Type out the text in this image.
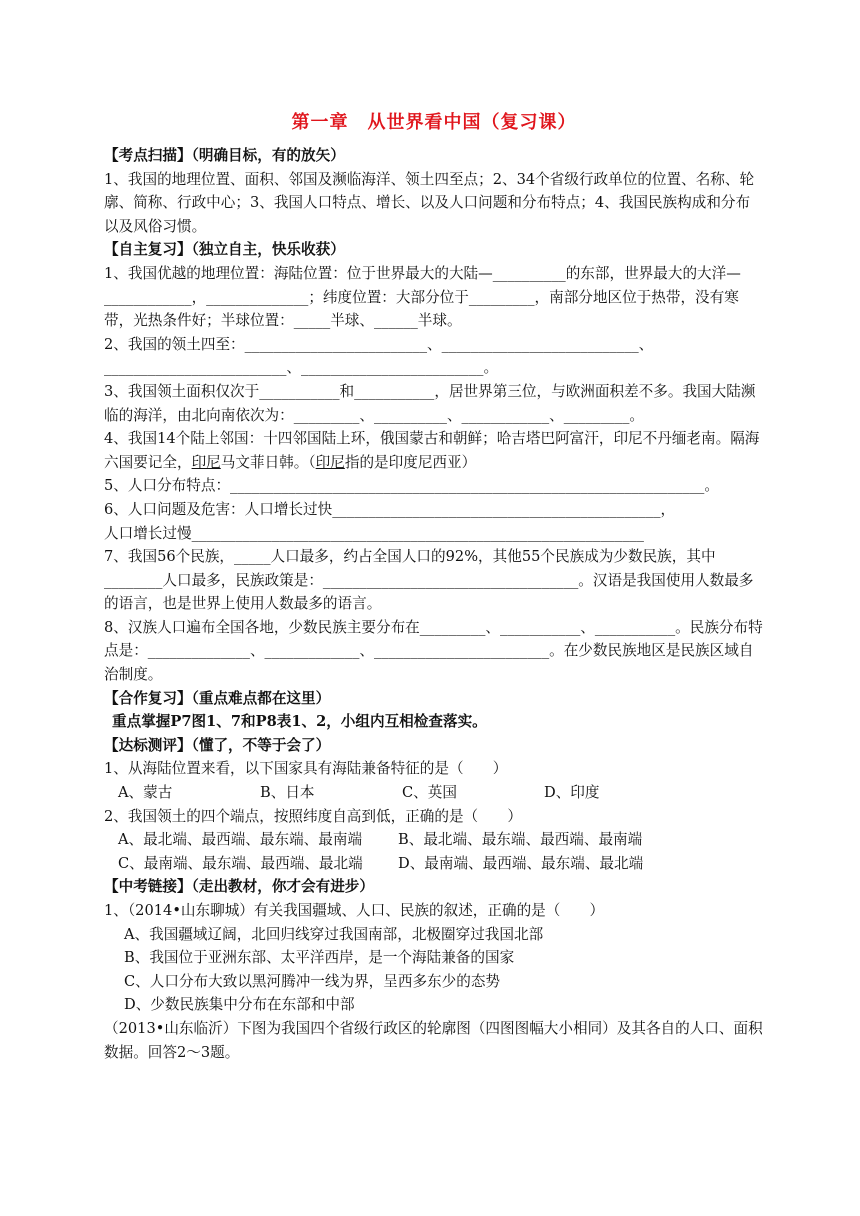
第一章　从世界看中国（复习课）

【考点扫描】（明确目标，有的放矢）

1、我国的地理位置、面积、邻国及濒临海洋、领土四至点；2、34个省级行政单位的位置、名称、轮廓、简称、行政中心；3、我国人口特点、增长、以及人口问题和分布特点；4、我国民族构成和分布以及风俗习惯。

【自主复习】（独立自主，快乐收获）

1、我国优越的地理位置：海陆位置：位于世界最大的大陆—__________的东部，世界最大的大洋—____________，______________；纬度位置：大部分位于_________，南部分地区位于热带，没有寒带，光热条件好；半球位置：_____半球、______半球。

2、我国的领土四至：_________________________、___________________________、

_________________________、_________________________。

3、我国领土面积仅次于___________和___________，居世界第三位，与欧洲面积差不多。我国大陆濒临的海洋，由北向南依次为：_________、__________、____________、_________。

4、我国14个陆上邻国：十四邻国陆上环，俄国蒙古和朝鲜；哈吉塔巴阿富汗，印尼不丹缅老南。隔海六国要记全，印尼马文菲日韩。（印尼指的是印度尼西亚）

5、人口分布特点：_________________________________________________________________。

6、人口问题及危害：人口增长过快_____________________________________________，

人口增长过慢______________________________________________________________

7、我国56个民族，_____人口最多，约占全国人口的92%，其他55个民族成为少数民族，其中________人口最多，民族政策是：___________________________________。汉语是我国使用人数最多的语言，也是世界上使用人数最多的语言。

8、汉族人口遍布全国各地，少数民族主要分布在_________、___________、___________。民族分布特点是：______________、_____________、________________________。在少数民族地区是民族区域自治制度。

【合作复习】（重点难点都在这里）

重点掌握P7图1、7和P8表1、2，小组内互相检查落实。

【达标测评】（懂了，不等于会了）

1、从海陆位置来看，以下国家具有海陆兼备特征的是（　　）

A、蒙古	B、日本	C、英国	D、印度

2、我国领土的四个端点，按照纬度自高到低，正确的是（　　）

A、最北端、最西端、最东端、最南端	B、最北端、最东端、最西端、最南端
C、最南端、最东端、最西端、最北端	D、最南端、最西端、最东端、最北端

【中考链接】（走出教材，你才会有进步）

1、（2014•山东聊城）有关我国疆域、人口、民族的叙述，正确的是（　　）

A、我国疆域辽阔，北回归线穿过我国南部，北极圈穿过我国北部

B、我国位于亚洲东部、太平洋西岸，是一个海陆兼备的国家

C、人口分布大致以黑河腾冲一线为界，呈西多东少的态势

D、少数民族集中分布在东部和中部

（2013•山东临沂）下图为我国四个省级行政区的轮廓图（四图图幅大小相同）及其各自的人口、面积数据。回答2～3题。
